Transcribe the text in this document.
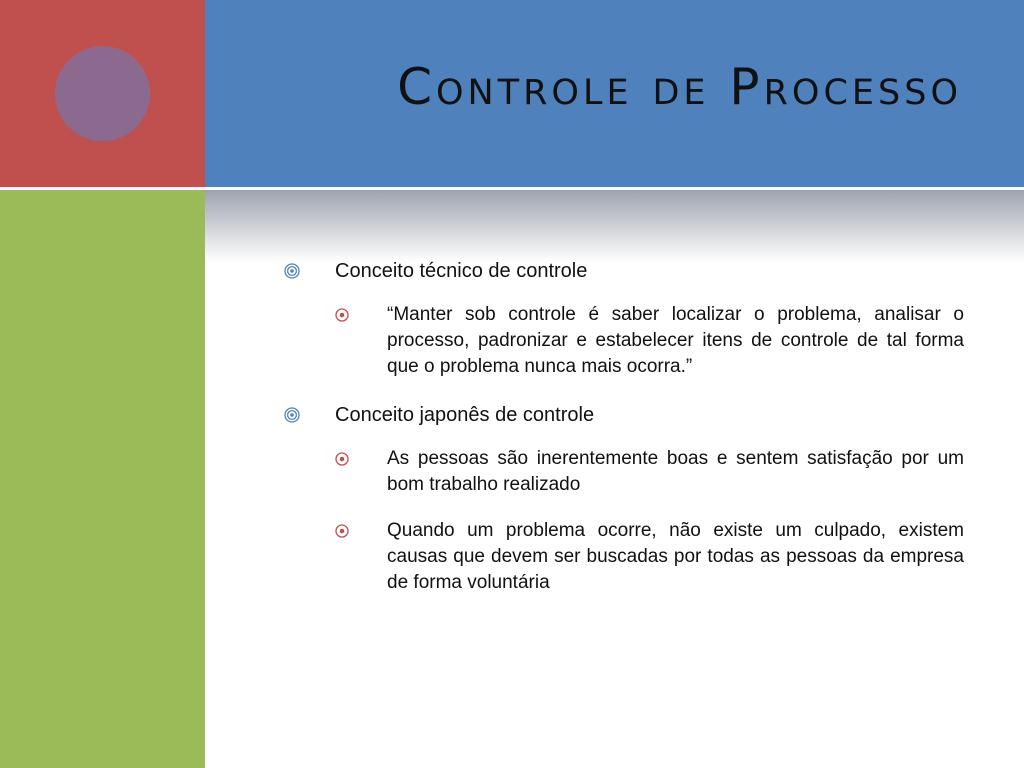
Controle de Processo
Conceito técnico de controle
“Manter sob controle é saber localizar o problema, analisar o processo, padronizar e estabelecer itens de controle de tal forma que o problema nunca mais ocorra.”
Conceito japonês de controle
As pessoas são inerentemente boas e sentem satisfação por um bom trabalho realizado
Quando um problema ocorre, não existe um culpado, existem causas que devem ser buscadas por todas as pessoas da empresa de forma voluntária
